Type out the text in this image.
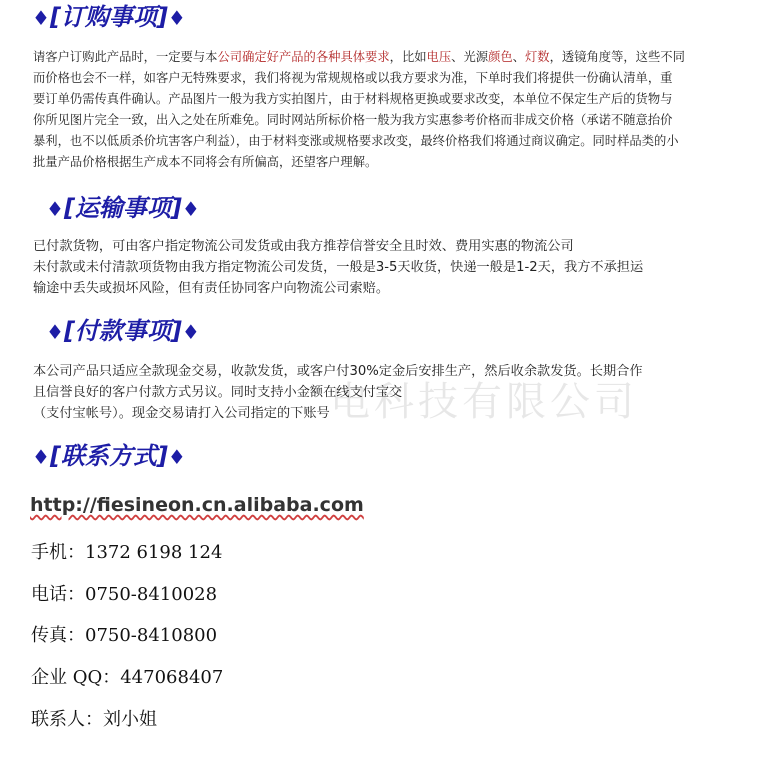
♦[订购事项]♦
请客户订购此产品时，一定要与本公司确定好产品的各种具体要求，比如电压、光源颜色、灯数，透镜角度等，这些不同
而价格也会不一样，如客户无特殊要求，我们将视为常规规格或以我方要求为准，下单时我们将提供一份确认清单，重
要订单仍需传真件确认。产品图片一般为我方实拍图片，由于材料规格更换或要求改变，本单位不保定生产后的货物与
你所见图片完全一致，出入之处在所难免。同时网站所标价格一般为我方实惠参考价格而非成交价格（承诺不随意抬价
暴利，也不以低质杀价坑害客户利益），由于材料变涨或规格要求改变，最终价格我们将通过商议确定。同时样品类的小
批量产品价格根据生产成本不同将会有所偏高，还望客户理解。
♦[运输事项]♦
已付款货物，可由客户指定物流公司发货或由我方推荐信誉安全且时效、费用实惠的物流公司
未付款或未付清款项货物由我方指定物流公司发货，一般是3-5天收货，快递一般是1-2天，我方不承担运
输途中丢失或损坏风险，但有责任协同客户向物流公司索赔。
♦[付款事项]♦
电科技有限公司
本公司产品只适应全款现金交易，收款发货，或客户付30%定金后安排生产，然后收余款发货。长期合作
且信誉良好的客户付款方式另议。同时支持小金额在线支付宝交
（支付宝帐号）。现金交易请打入公司指定的下账号
♦[联系方式]♦
http://fiesineon.cn.alibaba.com
手机：1372 6198 124
电话：0750-8410028
传真：0750-8410800
企业 QQ：447068407
联系人：刘小姐
